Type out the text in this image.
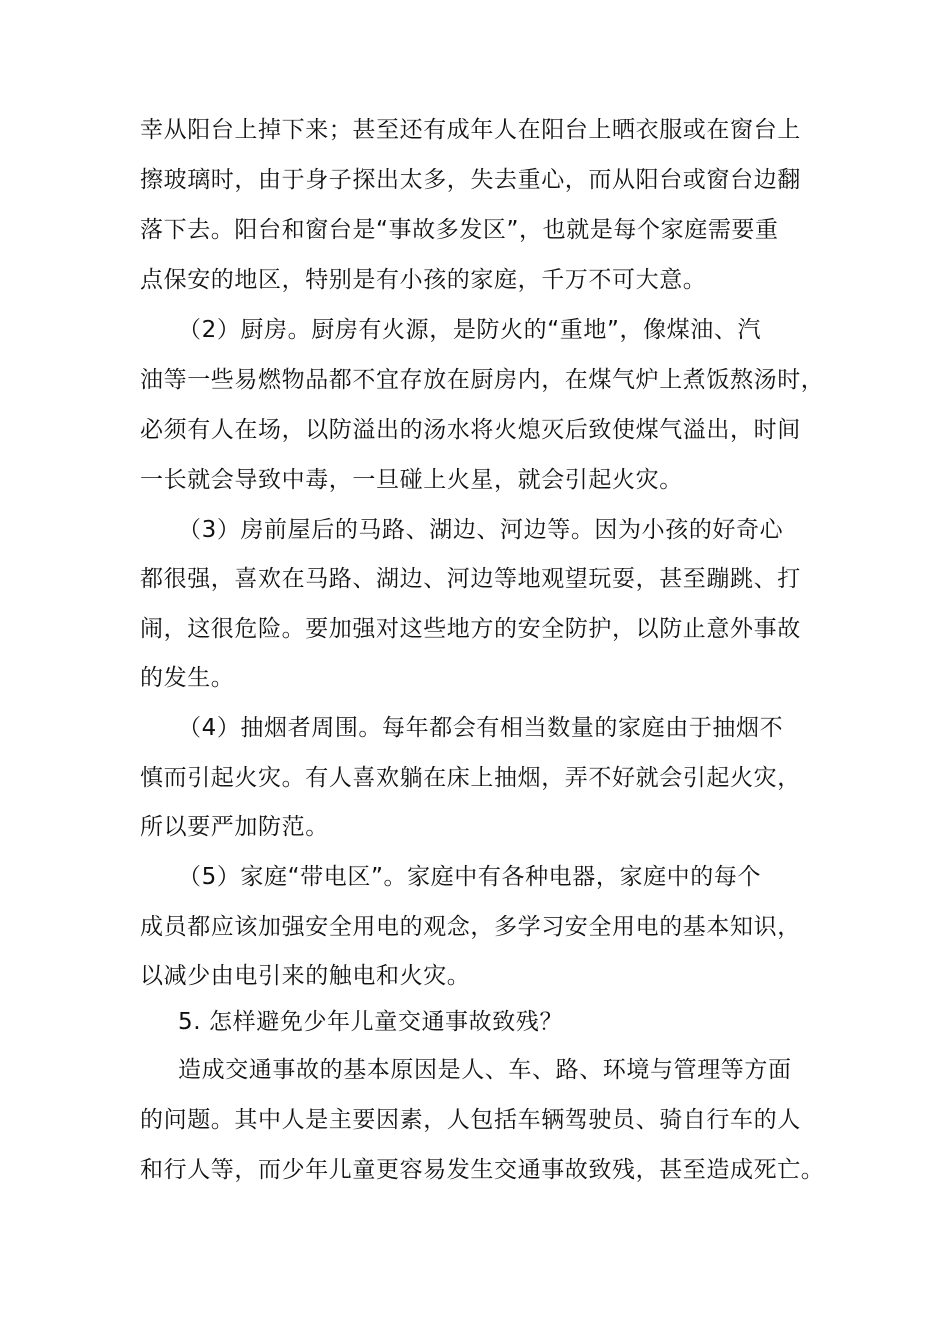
幸从阳台上掉下来；甚至还有成年人在阳台上晒衣服或在窗台上
擦玻璃时，由于身子探出太多，失去重心，而从阳台或窗台边翻
落下去。阳台和窗台是“事故多发区”，也就是每个家庭需要重
点保安的地区，特别是有小孩的家庭，千万不可大意。
（2）厨房。厨房有火源，是防火的“重地”，像煤油、汽
油等一些易燃物品都不宜存放在厨房内，在煤气炉上煮饭熬汤时，
必须有人在场，以防溢出的汤水将火熄灭后致使煤气溢出，时间
一长就会导致中毒，一旦碰上火星，就会引起火灾。
（3）房前屋后的马路、湖边、河边等。因为小孩的好奇心
都很强，喜欢在马路、湖边、河边等地观望玩耍，甚至蹦跳、打
闹，这很危险。要加强对这些地方的安全防护，以防止意外事故
的发生。
（4）抽烟者周围。每年都会有相当数量的家庭由于抽烟不
慎而引起火灾。有人喜欢躺在床上抽烟，弄不好就会引起火灾，
所以要严加防范。
（5）家庭“带电区”。家庭中有各种电器，家庭中的每个
成员都应该加强安全用电的观念，多学习安全用电的基本知识，
以减少由电引来的触电和火灾。
5. 怎样避免少年儿童交通事故致残？
造成交通事故的基本原因是人、车、路、环境与管理等方面
的问题。其中人是主要因素，人包括车辆驾驶员、骑自行车的人
和行人等，而少年儿童更容易发生交通事故致残，甚至造成死亡。
